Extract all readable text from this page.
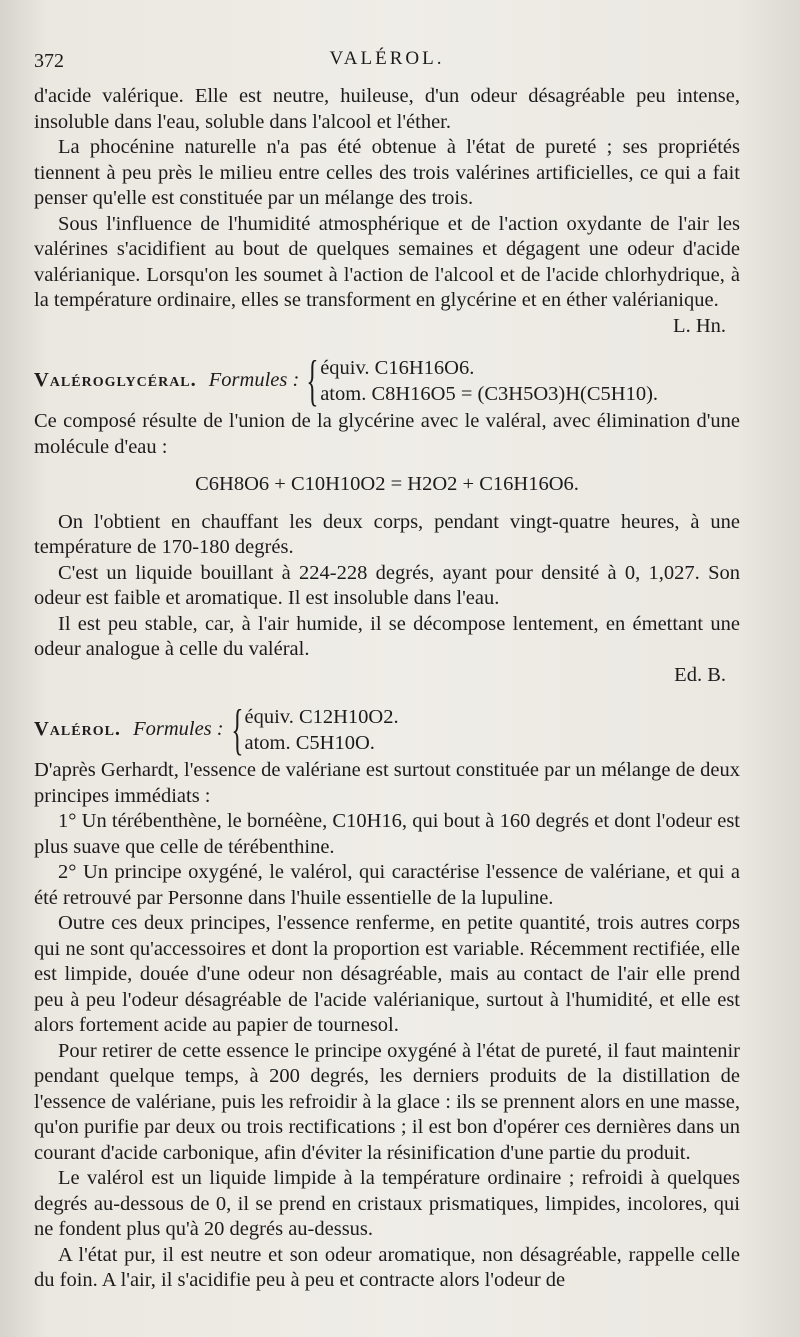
372	VALÉROL.

d'acide valérique. Elle est neutre, huileuse, d'un odeur désagréable peu intense, insoluble dans l'eau, soluble dans l'alcool et l'éther.

La phocénine naturelle n'a pas été obtenue à l'état de pureté ; ses propriétés tiennent à peu près le milieu entre celles des trois valérines artificielles, ce qui a fait penser qu'elle est constituée par un mélange des trois.

Sous l'influence de l'humidité atmosphérique et de l'action oxydante de l'air les valérines s'acidifient au bout de quelques semaines et dégagent une odeur d'acide valérianique. Lorsqu'on les soumet à l'action de l'alcool et de l'acide chlorhydrique, à la température ordinaire, elles se transforment en glycérine et en éther valérianique.

L. Hn.
Valéroglycéral. Formules : { équiv. C16H16O6.
atom. C8H16O5 = (C3H5O3)H(C5H10).

Ce composé résulte de l'union de la glycérine avec le valéral, avec élimination d'une molécule d'eau :

C6H8O6 + C10H10O2 = H2O2 + C16H16O6.

On l'obtient en chauffant les deux corps, pendant vingt-quatre heures, à une température de 170-180 degrés.

C'est un liquide bouillant à 224-228 degrés, ayant pour densité à 0, 1,027. Son odeur est faible et aromatique. Il est insoluble dans l'eau.

Il est peu stable, car, à l'air humide, il se décompose lentement, en émettant une odeur analogue à celle du valéral.

Ed. B.
Valérol. Formules : { équiv. C12H10O2.
atom. C5H10O.

D'après Gerhardt, l'essence de valériane est surtout constituée par un mélange de deux principes immédiats :

1° Un térébenthène, le bornéène, C10H16, qui bout à 160 degrés et dont l'odeur est plus suave que celle de térébenthine.

2° Un principe oxygéné, le valérol, qui caractérise l'essence de valériane, et qui a été retrouvé par Personne dans l'huile essentielle de la lupuline.

Outre ces deux principes, l'essence renferme, en petite quantité, trois autres corps qui ne sont qu'accessoires et dont la proportion est variable. Récemment rectifiée, elle est limpide, douée d'une odeur non désagréable, mais au contact de l'air elle prend peu à peu l'odeur désagréable de l'acide valérianique, surtout à l'humidité, et elle est alors fortement acide au papier de tournesol.

Pour retirer de cette essence le principe oxygéné à l'état de pureté, il faut maintenir pendant quelque temps, à 200 degrés, les derniers produits de la distillation de l'essence de valériane, puis les refroidir à la glace : ils se prennent alors en une masse, qu'on purifie par deux ou trois rectifications ; il est bon d'opérer ces dernières dans un courant d'acide carbonique, afin d'éviter la résinification d'une partie du produit.

Le valérol est un liquide limpide à la température ordinaire ; refroidi à quelques degrés au-dessous de 0, il se prend en cristaux prismatiques, limpides, incolores, qui ne fondent plus qu'à 20 degrés au-dessus.

A l'état pur, il est neutre et son odeur aromatique, non désagréable, rappelle celle du foin. A l'air, il s'acidifie peu à peu et contracte alors l'odeur de
